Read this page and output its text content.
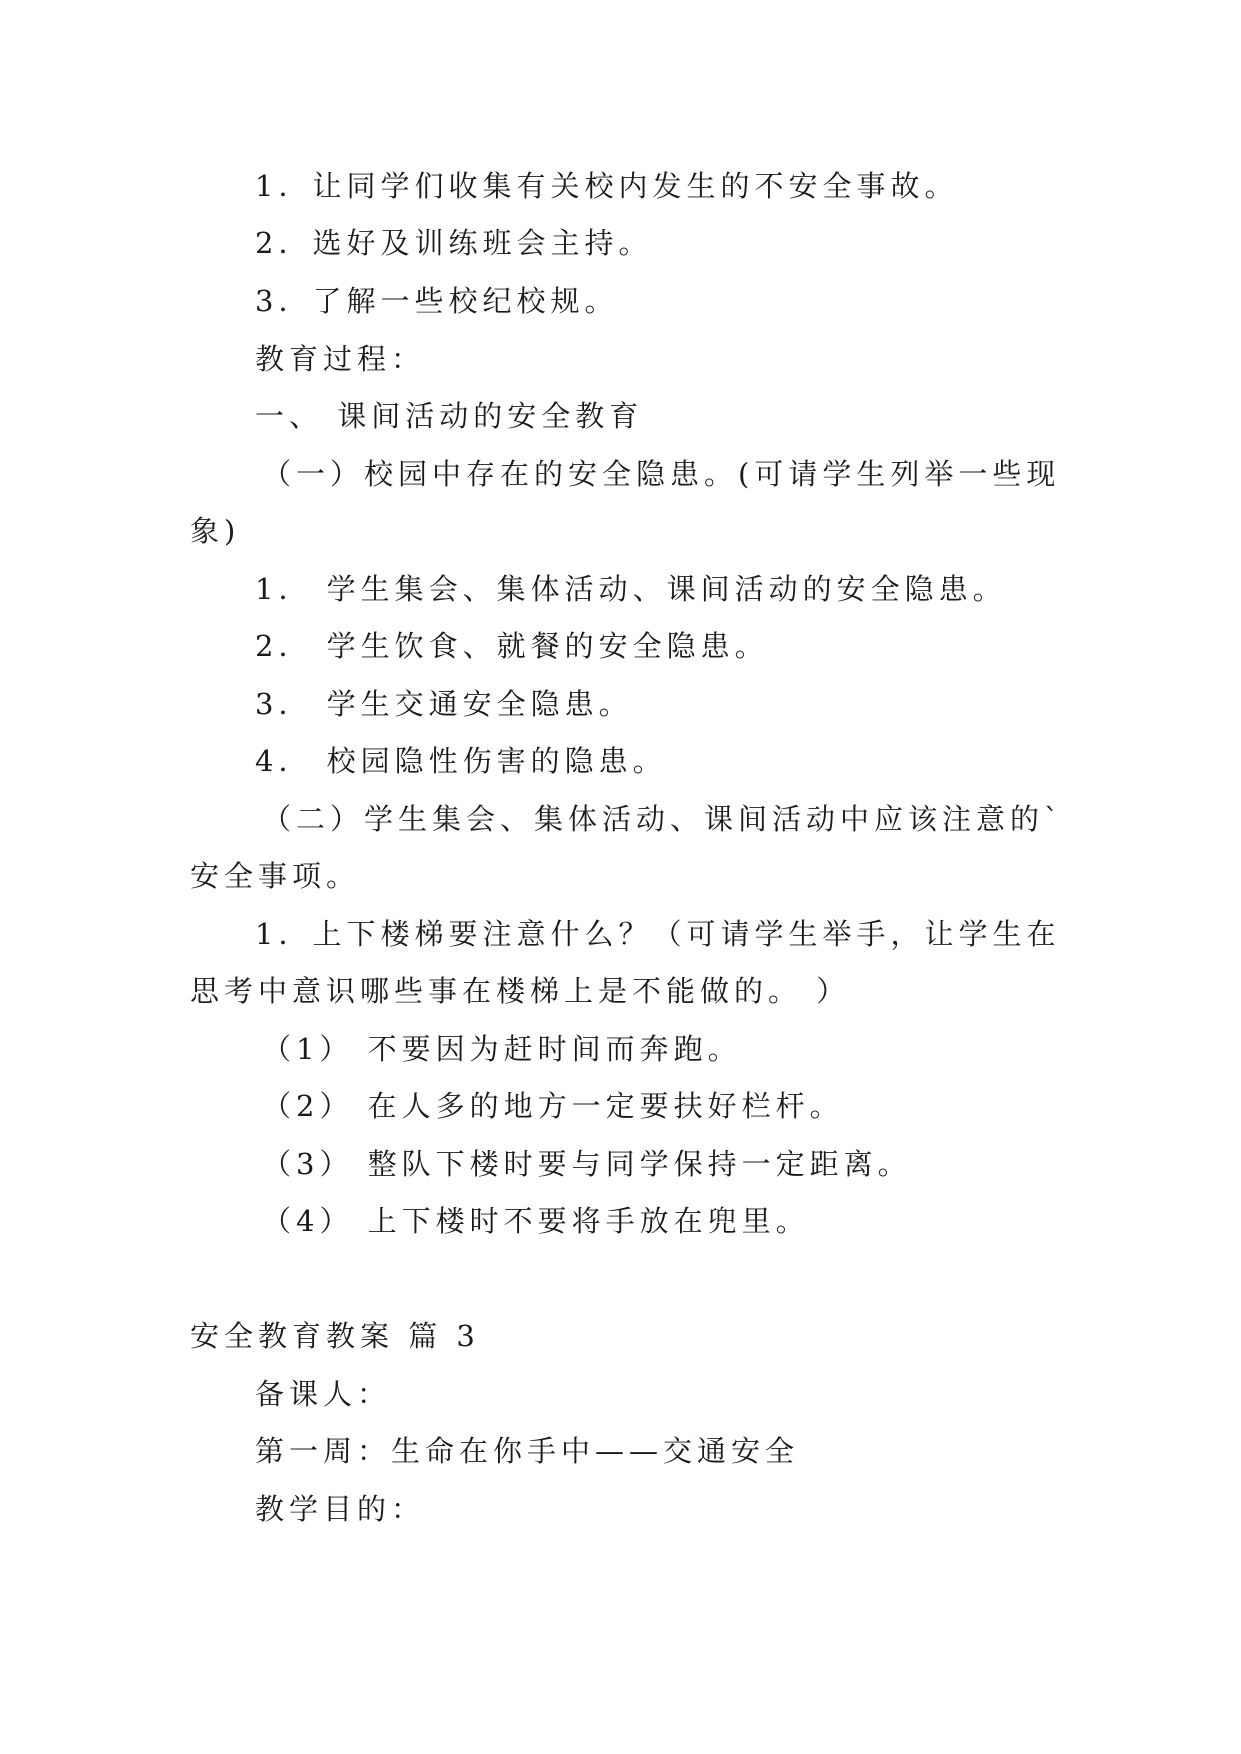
1．让同学们收集有关校内发生的不安全事故。
2．选好及训练班会主持。
3．了解一些校纪校规。
教育过程：
一、 课间活动的安全教育
（一）校园中存在的安全隐患。(可请学生列举一些现
象)
1． 学生集会、集体活动、课间活动的安全隐患。
2． 学生饮食、就餐的安全隐患。
3． 学生交通安全隐患。
4． 校园隐性伤害的隐患。
（二）学生集会、集体活动、课间活动中应该注意的`
安全事项。
1．上下楼梯要注意什么？（可请学生举手，让学生在
思考中意识哪些事在楼梯上是不能做的。 ）
（1） 不要因为赶时间而奔跑。
（2） 在人多的地方一定要扶好栏杆。
（3） 整队下楼时要与同学保持一定距离。
（4） 上下楼时不要将手放在兜里。
安全教育教案 篇 3
备课人：
第一周：生命在你手中——交通安全
教学目的：
